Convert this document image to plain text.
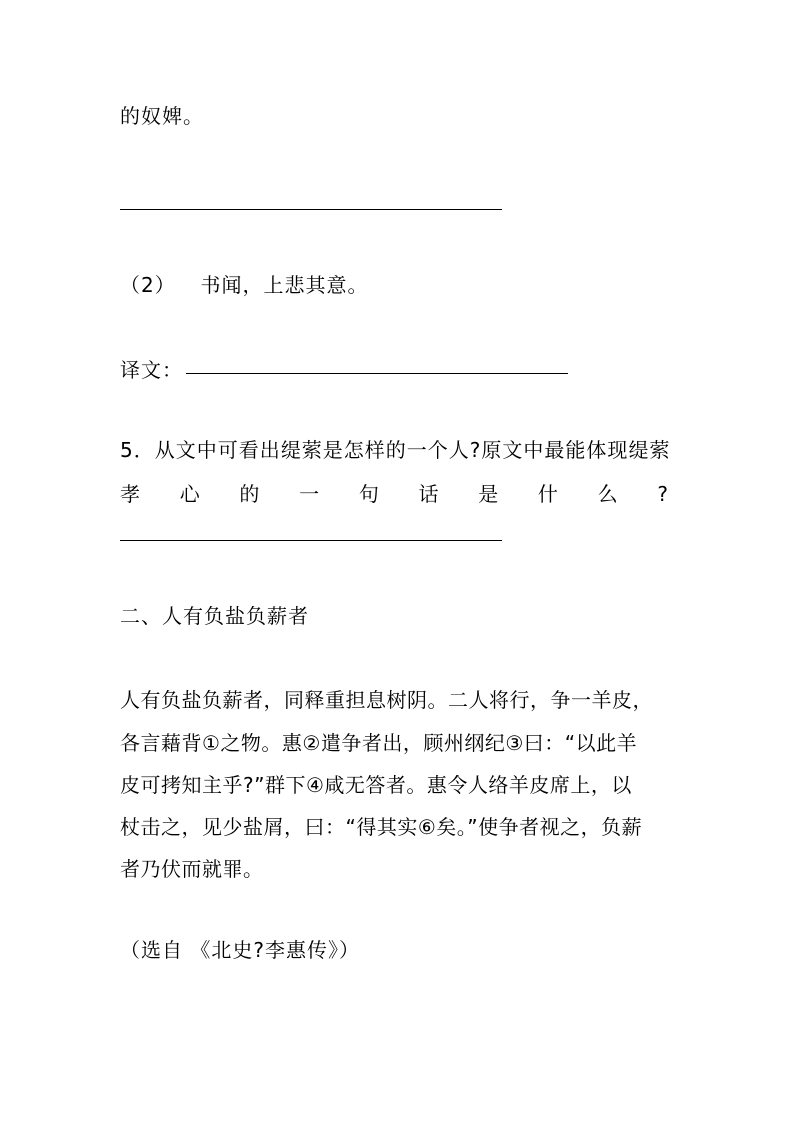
的奴婢。
（2） 书闻，上悲其意。
译文：
5．从文中可看出缇萦是怎样的一个人?原文中最能体现缇萦
孝 心 的 一 句 话 是 什 么 ?
二、人有负盐负薪者
人有负盐负薪者，同释重担息树阴。二人将行，争一羊皮，
各言藉背①之物。惠②遣争者出，顾州纲纪③曰：“以此羊
皮可拷知主乎?”群下④咸无答者。惠令人络羊皮席上，以
杖击之，见少盐屑，曰：“得其实⑥矣。”使争者视之，负薪
者乃伏而就罪。
（选自 《北史?李惠传》）
